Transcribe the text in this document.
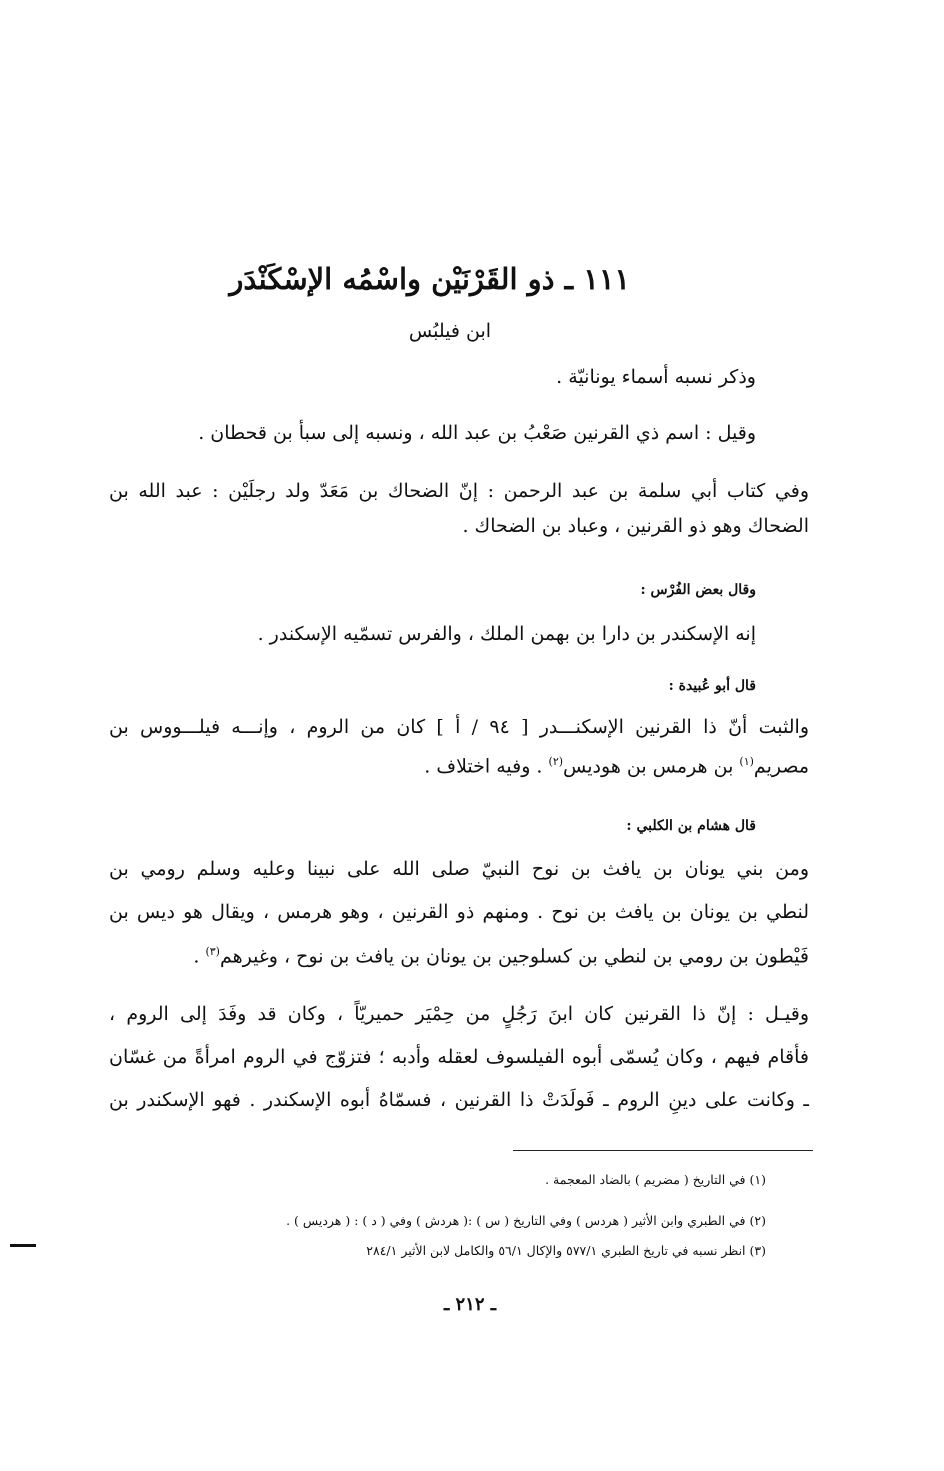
١١١ ـ ذو القَرْنَيْن واسْمُه الإسْكَنْدَر
ابن فيلبُس
وذكر نسبه أسماء يونانيّة .
وقيل : اسم ذي القرنين صَعْبُ بن عبد الله ، ونسبه إلى سبأ بن قحطان .
وفي كتاب أبي سلمة بن عبد الرحمن : إنّ الضحاك بن مَعَدّ ولد رجلَيْن : عبد الله بن
الضحاك وهو ذو القرنين ، وعباد بن الضحاك .
وقال بعض الفُرْس :
إنه الإسكندر بن دارا بن بهمن الملك ، والفرس تسمّيه الإسكندر .
قال أبو عُبيدة :
والثبت أنّ ذا القرنين الإسكنـــدر [ ٩٤ / أ ] كان من الروم ، وإنـــه فيلـــووس بن
مصريم$^{(١)}$ بن هرمس بن هوديس$^{(٢)}$ . وفيه اختلاف .
قال هشام بن الكلبي :
ومن بني يونان بن يافث بن نوح النبيّ صلى الله على نبينا وعليه وسلم رومي بن
لنطي بن يونان بن يافث بن نوح . ومنهم ذو القرنين ، وهو هرمس ، ويقال هو ديس بن
فَيْطون بن رومي بن لنطي بن كسلوجين بن يونان بن يافث بن نوح ، وغيرهم$^{(٣)}$ .
وقيـل : إنّ ذا القرنين كان ابنَ رَجُلٍ من حِمْيَر حميريّاً ، وكان قد وفَدَ إلى الروم ،
فأقام فيهم ، وكان يُسمّى أبوه الفيلسوف لعقله وأدبه ؛ فتزوّج في الروم امرأةً من غسّان
ـ وكانت على دينِ الروم ـ فَولَدَتْ ذا القرنين ، فسمّاهُ أبوه الإسكندر . فهو الإسكندر بن
(١) في التاريخ ( مضريم ) بالضاد المعجمة .
(٢) في الطبري وابن الأثير ( هردس ) وفي التاريخ ( س ) :( هردش ) وفي ( د ) : ( هرديس ) .
(٣) انظر نسبه في تاريخ الطبري ٥٧٧/١ والإكال ٥٦/١ والكامل لابن الأثير ٢٨٤/١
ـ ٢١٢ ـ
